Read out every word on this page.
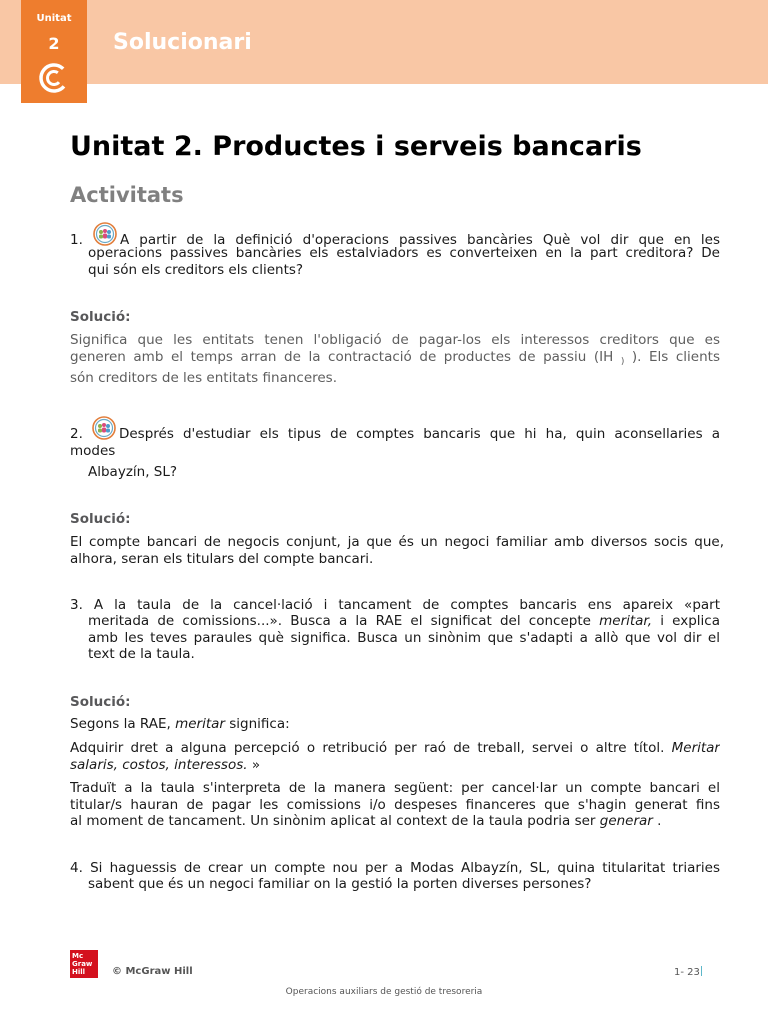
Unitat
2	Solucionari
Unitat 2. Productes i serveis bancaris
Activitats
1.	A partir de la definició d'operacions passives bancàries Què vol dir que en les
operacions passives bancàries els estalviadors es converteixen en la part creditora? De
qui són els creditors els clients?
Solució:
Significa que les entitats tenen l'obligació de pagar-los els interessos creditors que es
generen amb el temps arran de la contractació de productes de passiu (IH $_)$ ). Els clients
són creditors de les entitats financeres.
2.	Després d'estudiar els tipus de comptes bancaris que hi ha, quin aconsellaries a
modes
Albayzín, SL?
Solució:
El compte bancari de negocis conjunt, ja que és un negoci familiar amb diversos socis que,
alhora, seran els titulars del compte bancari.
3. A la taula de la cancel·lació i tancament de comptes bancaris ens apareix «part
meritada de comissions...». Busca a la RAE el significat del concepte meritar, i explica
amb les teves paraules què significa. Busca un sinònim que s'adapti a allò que vol dir el
text de la taula.
Solució:
Segons la RAE, meritar significa:
Adquirir dret a alguna percepció o retribució per raó de treball, servei o altre títol. Meritar
salaris, costos, interessos. »
Traduït a la taula s'interpreta de la manera següent: per cancel·lar un compte bancari el
titular/s hauran de pagar les comissions i/o despeses financeres que s'hagin generat fins
al moment de tancament. Un sinònim aplicat al context de la taula podria ser generar .
4. Si haguessis de crear un compte nou per a Modas Albayzín, SL, quina titularitat triaries
sabent que és un negoci familiar on la gestió la porten diverses persones?
Mc
Graw
Hill	© McGraw Hill	1- 23
Operacions auxiliars de gestió de tresoreria
